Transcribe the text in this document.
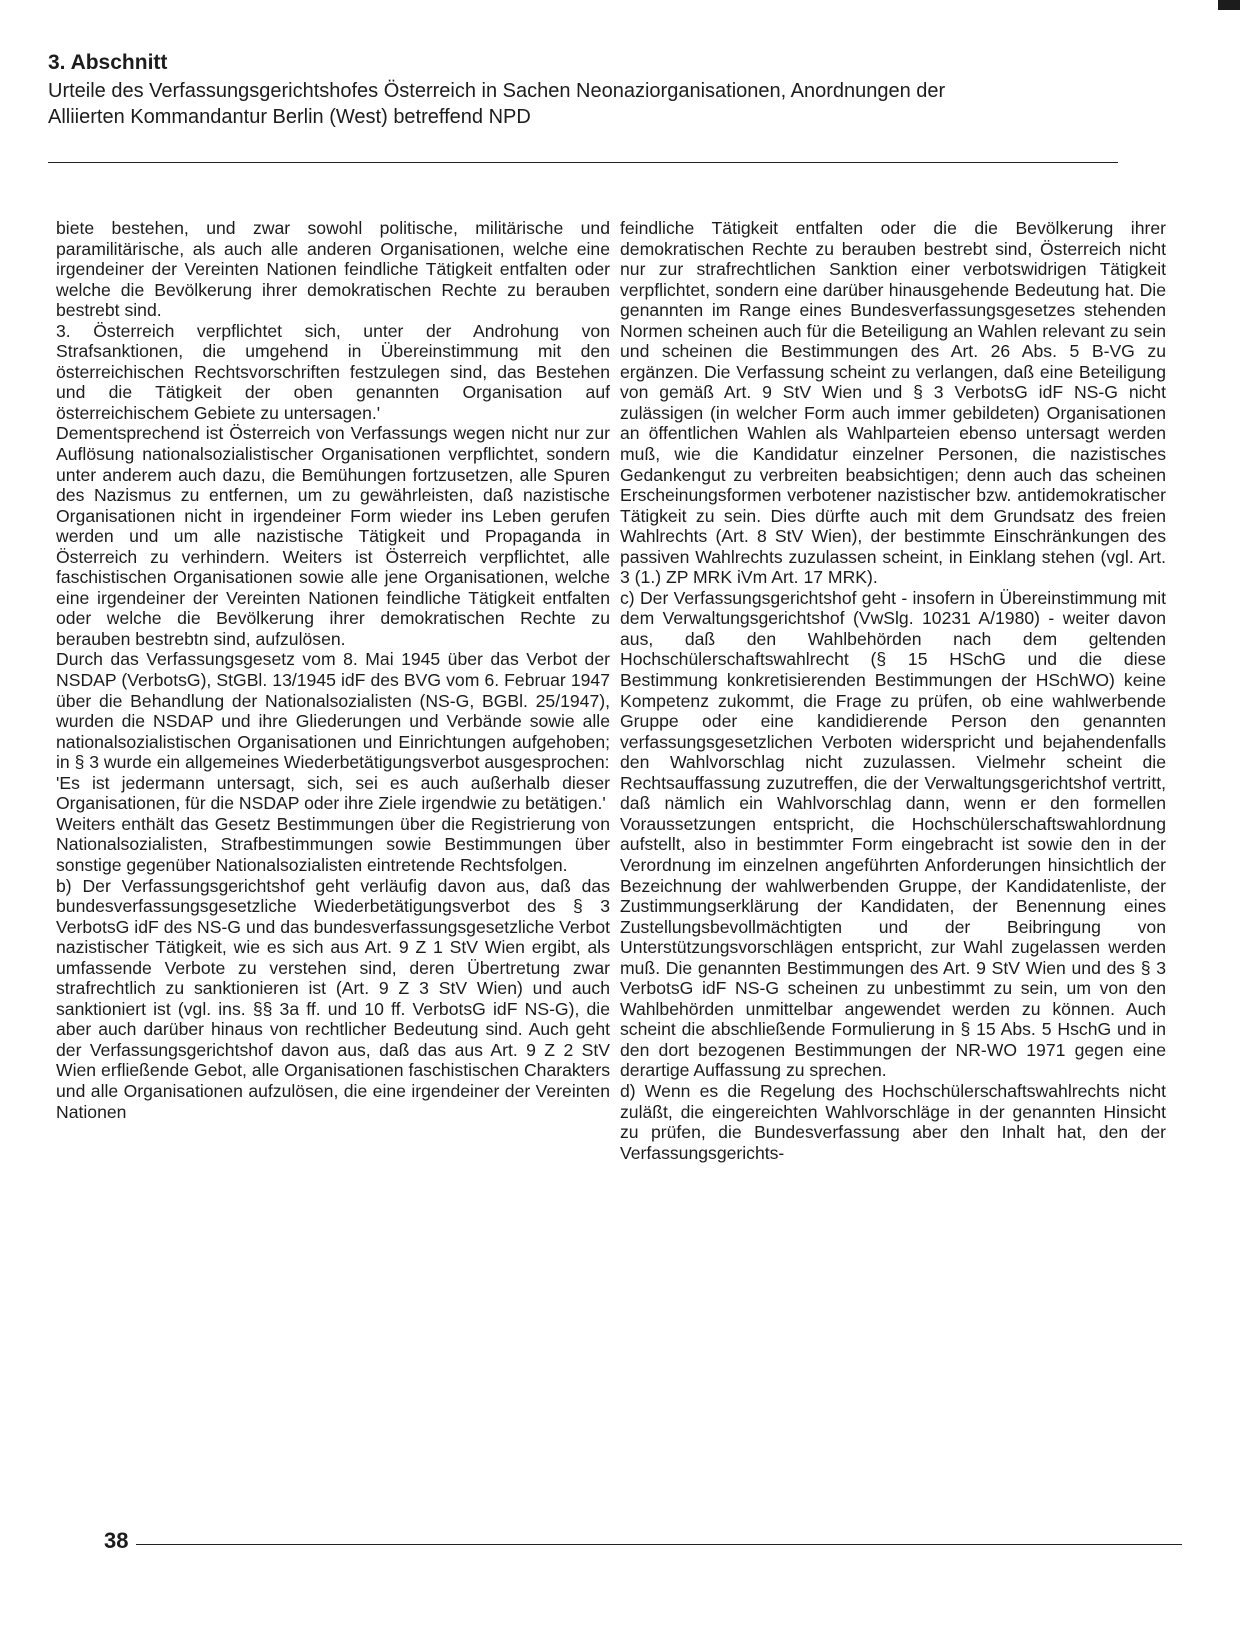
3. Abschnitt

Urteile des Verfassungsgerichtshofes Österreich in Sachen Neonaziorganisationen, Anordnungen der
Alliierten Kommandantur Berlin (West) betreffend NPD

biete bestehen, und zwar sowohl politische, militärische und paramilitärische, als auch alle anderen Organisationen, welche eine irgendeiner der Vereinten Nationen feindliche Tätigkeit entfalten oder welche die Bevölkerung ihrer demokratischen Rechte zu berauben bestrebt sind.

3. Österreich verpflichtet sich, unter der Androhung von Strafsanktionen, die umgehend in Übereinstimmung mit den österreichischen Rechtsvorschriften festzulegen sind, das Bestehen und die Tätigkeit der oben genannten Organisation auf österreichischem Gebiete zu untersagen.'

Dementsprechend ist Österreich von Verfassungs wegen nicht nur zur Auflösung nationalsozialistischer Organisationen verpflichtet, sondern unter anderem auch dazu, die Bemühungen fortzusetzen, alle Spuren des Nazismus zu entfernen, um zu gewährleisten, daß nazistische Organisationen nicht in irgendeiner Form wieder ins Leben gerufen werden und um alle nazistische Tätigkeit und Propaganda in Österreich zu verhindern. Weiters ist Österreich verpflichtet, alle faschistischen Organisationen sowie alle jene Organisationen, welche eine irgendeiner der Vereinten Nationen feindliche Tätigkeit entfalten oder welche die Bevölkerung ihrer demokratischen Rechte zu berauben bestrebtn sind, aufzulösen.

Durch das Verfassungsgesetz vom 8. Mai 1945 über das Verbot der NSDAP (VerbotsG), StGBl. 13/1945 idF des BVG vom 6. Februar 1947 über die Behandlung der Nationalsozialisten (NS-G, BGBl. 25/1947), wurden die NSDAP und ihre Gliederungen und Verbände sowie alle nationalsozialistischen Organisationen und Einrichtungen aufgehoben; in § 3 wurde ein allgemeines Wiederbetätigungsverbot ausgesprochen:

'Es ist jedermann untersagt, sich, sei es auch außerhalb dieser Organisationen, für die NSDAP oder ihre Ziele irgendwie zu betätigen.'

Weiters enthält das Gesetz Bestimmungen über die Registrierung von Nationalsozialisten, Strafbestimmungen sowie Bestimmungen über sonstige gegenüber Nationalsozialisten eintretende Rechtsfolgen.

b) Der Verfassungsgerichtshof geht verläufig davon aus, daß das bundesverfassungsgesetzliche Wiederbetätigungsverbot des § 3 VerbotsG idF des NS-G und das bundesverfassungsgesetzliche Verbot nazistischer Tätigkeit, wie es sich aus Art. 9 Z 1 StV Wien ergibt, als umfassende Verbote zu verstehen sind, deren Übertretung zwar strafrechtlich zu sanktionieren ist (Art. 9 Z 3 StV Wien) und auch sanktioniert ist (vgl. ins. §§ 3a ff. und 10 ff. VerbotsG idF NS-G), die aber auch darüber hinaus von rechtlicher Bedeutung sind. Auch geht der Verfassungsgerichtshof davon aus, daß das aus Art. 9 Z 2 StV Wien erfließende Gebot, alle Organisationen faschistischen Charakters und alle Organisationen aufzulösen, die eine irgendeiner der Vereinten Nationen

feindliche Tätigkeit entfalten oder die die Bevölkerung ihrer demokratischen Rechte zu berauben bestrebt sind, Österreich nicht nur zur strafrechtlichen Sanktion einer verbotswidrigen Tätigkeit verpflichtet, sondern eine darüber hinausgehende Bedeutung hat. Die genannten im Range eines Bundesverfassungsgesetzes stehenden Normen scheinen auch für die Beteiligung an Wahlen relevant zu sein und scheinen die Bestimmungen des Art. 26 Abs. 5 B-VG zu ergänzen. Die Verfassung scheint zu verlangen, daß eine Beteiligung von gemäß Art. 9 StV Wien und § 3 VerbotsG idF NS-G nicht zulässigen (in welcher Form auch immer gebildeten) Organisationen an öffentlichen Wahlen als Wahlparteien ebenso untersagt werden muß, wie die Kandidatur einzelner Personen, die nazistisches Gedankengut zu verbreiten beabsichtigen; denn auch das scheinen Erscheinungsformen verbotener nazistischer bzw. antidemokratischer Tätigkeit zu sein. Dies dürfte auch mit dem Grundsatz des freien Wahlrechts (Art. 8 StV Wien), der bestimmte Einschränkungen des passiven Wahlrechts zuzulassen scheint, in Einklang stehen (vgl. Art. 3 (1.) ZP MRK iVm Art. 17 MRK).

c) Der Verfassungsgerichtshof geht - insofern in Übereinstimmung mit dem Verwaltungsgerichtshof (VwSlg. 10231 A/1980) - weiter davon aus, daß den Wahlbehörden nach dem geltenden Hochschülerschaftswahlrecht (§ 15 HSchG und die diese Bestimmung konkretisierenden Bestimmungen der HSchWO) keine Kompetenz zukommt, die Frage zu prüfen, ob eine wahlwerbende Gruppe oder eine kandidierende Person den genannten verfassungsgesetzlichen Verboten widerspricht und bejahendenfalls den Wahlvorschlag nicht zuzulassen. Vielmehr scheint die Rechtsauffassung zuzutreffen, die der Verwaltungsgerichtshof vertritt, daß nämlich ein Wahlvorschlag dann, wenn er den formellen Voraussetzungen entspricht, die Hochschülerschaftswahlordnung aufstellt, also in bestimmter Form eingebracht ist sowie den in der Verordnung im einzelnen angeführten Anforderungen hinsichtlich der Bezeichnung der wahlwerbenden Gruppe, der Kandidatenliste, der Zustimmungserklärung der Kandidaten, der Benennung eines Zustellungsbevollmächtigten und der Beibringung von Unterstützungsvorschlägen entspricht, zur Wahl zugelassen werden muß. Die genannten Bestimmungen des Art. 9 StV Wien und des § 3 VerbotsG idF NS-G scheinen zu unbestimmt zu sein, um von den Wahlbehörden unmittelbar angewendet werden zu können. Auch scheint die abschließende Formulierung in § 15 Abs. 5 HschG und in den dort bezogenen Bestimmungen der NR-WO 1971 gegen eine derartige Auffassung zu sprechen.

d) Wenn es die Regelung des Hochschülerschaftswahlrechts nicht zuläßt, die eingereichten Wahlvorschläge in der genannten Hinsicht zu prüfen, die Bundesverfassung aber den Inhalt hat, den der Verfassungsgerichts-

38
